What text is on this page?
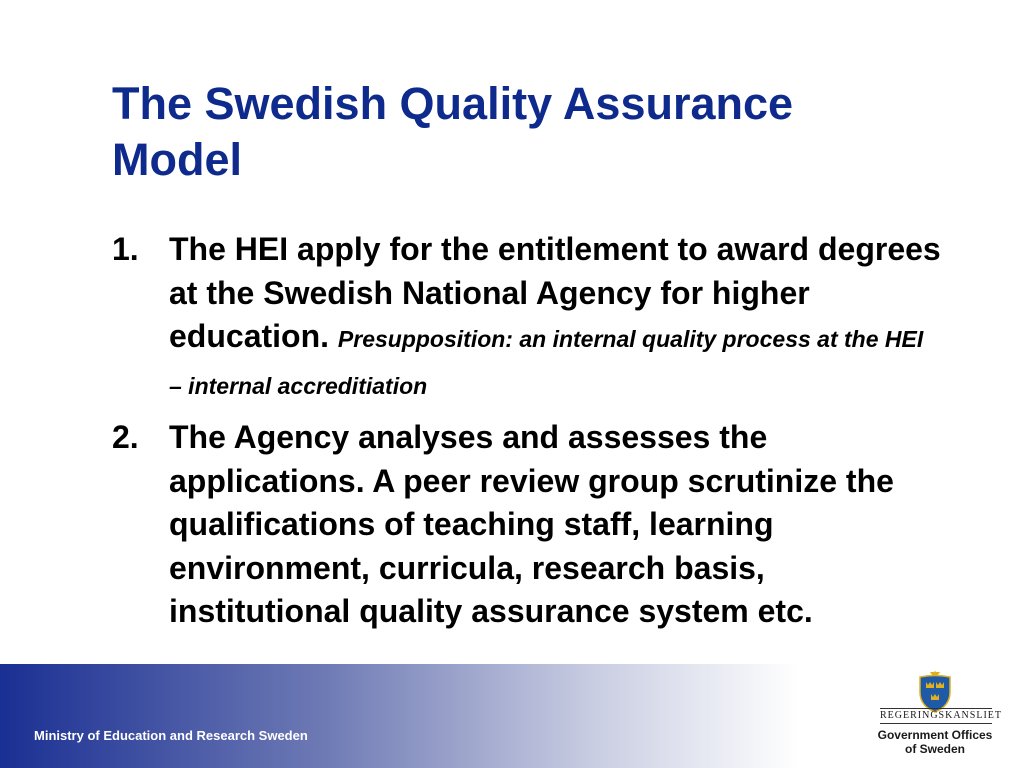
The Swedish Quality Assurance Model
1. The HEI apply for the entitlement to award degrees at the Swedish National Agency for higher education. Presupposition: an internal quality process at the HEI – internal accreditiation
2. The Agency analyses and assesses the applications. A peer review group scrutinize the qualifications of teaching staff, learning environment, curricula, research basis, institutional quality assurance system etc.
Ministry of Education and Research Sweden
REGERINGSKANSLIET
Government Offices
of Sweden
